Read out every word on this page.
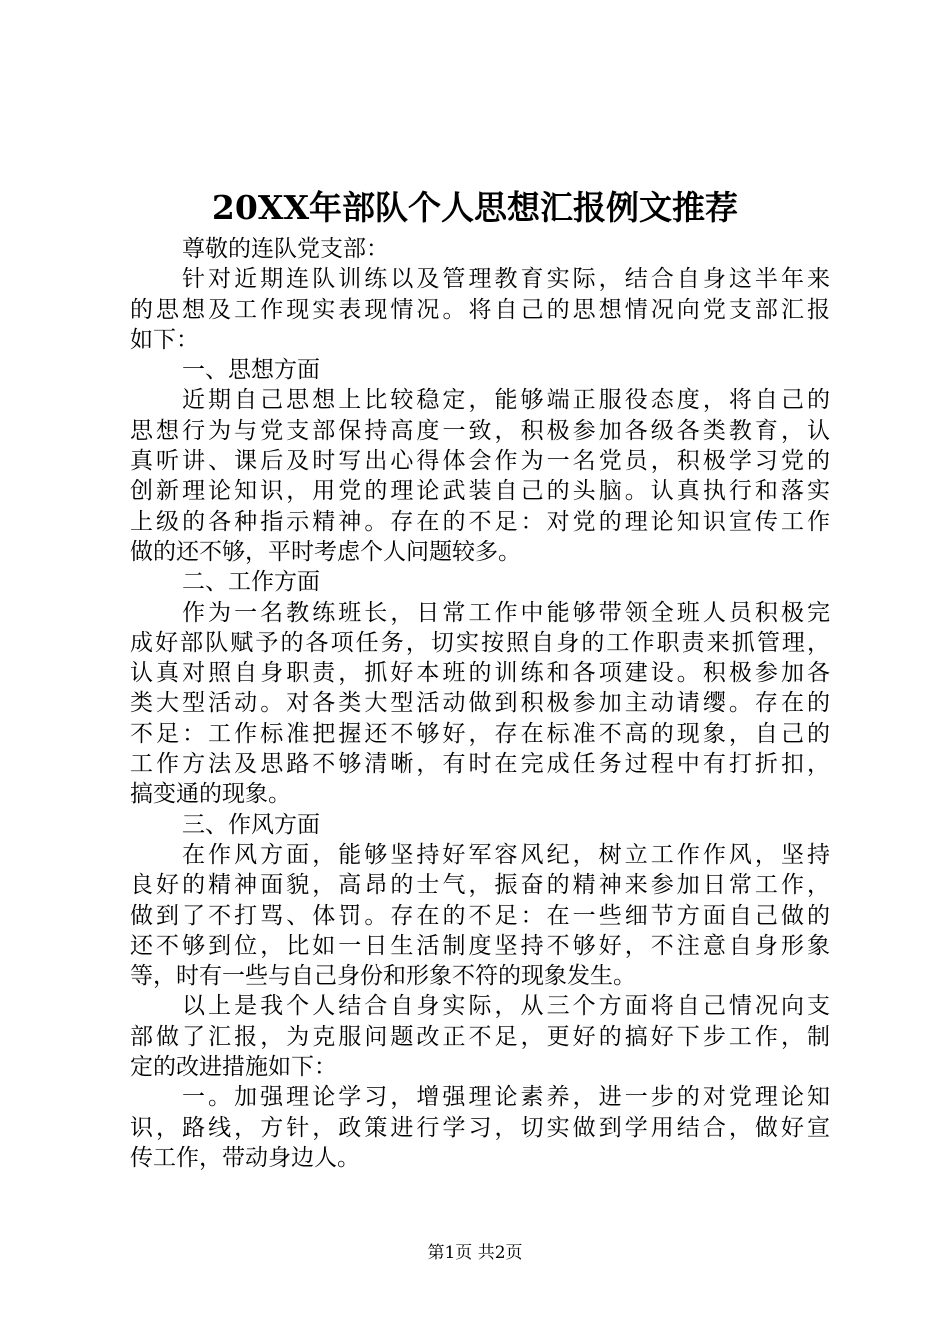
20XX年部队个人思想汇报例文推荐
尊敬的连队党支部：
针对近期连队训练以及管理教育实际，结合自身这半年来
的思想及工作现实表现情况。将自己的思想情况向党支部汇报
如下：
一、思想方面
近期自己思想上比较稳定，能够端正服役态度，将自己的
思想行为与党支部保持高度一致，积极参加各级各类教育，认
真听讲、课后及时写出心得体会作为一名党员，积极学习党的
创新理论知识，用党的理论武装自己的头脑。认真执行和落实
上级的各种指示精神。存在的不足：对党的理论知识宣传工作
做的还不够，平时考虑个人问题较多。
二、工作方面
作为一名教练班长，日常工作中能够带领全班人员积极完
成好部队赋予的各项任务，切实按照自身的工作职责来抓管理，
认真对照自身职责，抓好本班的训练和各项建设。积极参加各
类大型活动。对各类大型活动做到积极参加主动请缨。存在的
不足：工作标准把握还不够好，存在标准不高的现象，自己的
工作方法及思路不够清晰，有时在完成任务过程中有打折扣，
搞变通的现象。
三、作风方面
在作风方面，能够坚持好军容风纪，树立工作作风，坚持
良好的精神面貌，高昂的士气，振奋的精神来参加日常工作，
做到了不打骂、体罚。存在的不足：在一些细节方面自己做的
还不够到位，比如一日生活制度坚持不够好，不注意自身形象
等，时有一些与自己身份和形象不符的现象发生。
以上是我个人结合自身实际，从三个方面将自己情况向支
部做了汇报，为克服问题改正不足，更好的搞好下步工作，制
定的改进措施如下：
一。加强理论学习，增强理论素养，进一步的对党理论知
识，路线，方针，政策进行学习，切实做到学用结合，做好宣
传工作，带动身边人。
第1页 共2页
